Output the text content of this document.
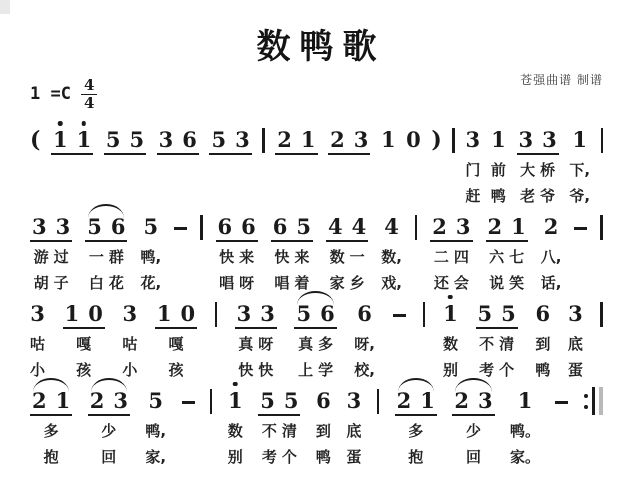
数鸭歌
$1 =C \frac{4}{4}$	苍强曲谱 制谱
( 1 1 5 5 3 6 5 3 2 1 2 3 1 0 ) 3
门
赶
1
前
鸭
3 3
大桥
老爷
1
下,
爷,
3 3
游过
胡子
5 6
一群
白花
5
鸭,
花,
6 6
快来
唱呀
6 5
快来
唱着
4 4
数一
家乡
4
数,
戏,
2 3
二四
还会
2 1
六七
说笑
2
八,
话,
3
咕
小
1 0
嘎
孩
3
咕
小
1 0
嘎
孩
3 3
真呀
快快
5 6
真多
上学
6
呀,
校,
1
数
别
5 5
不清
考个
6
到
鸭
3
底
蛋
2 1
多
抱
2 3
少
回
5
鸭,
家,
1
数
别
5 5
不清
考个
6
到
鸭
3
底
蛋
2 1
多
抱
2 3
少
回
1
鸭。
家。
